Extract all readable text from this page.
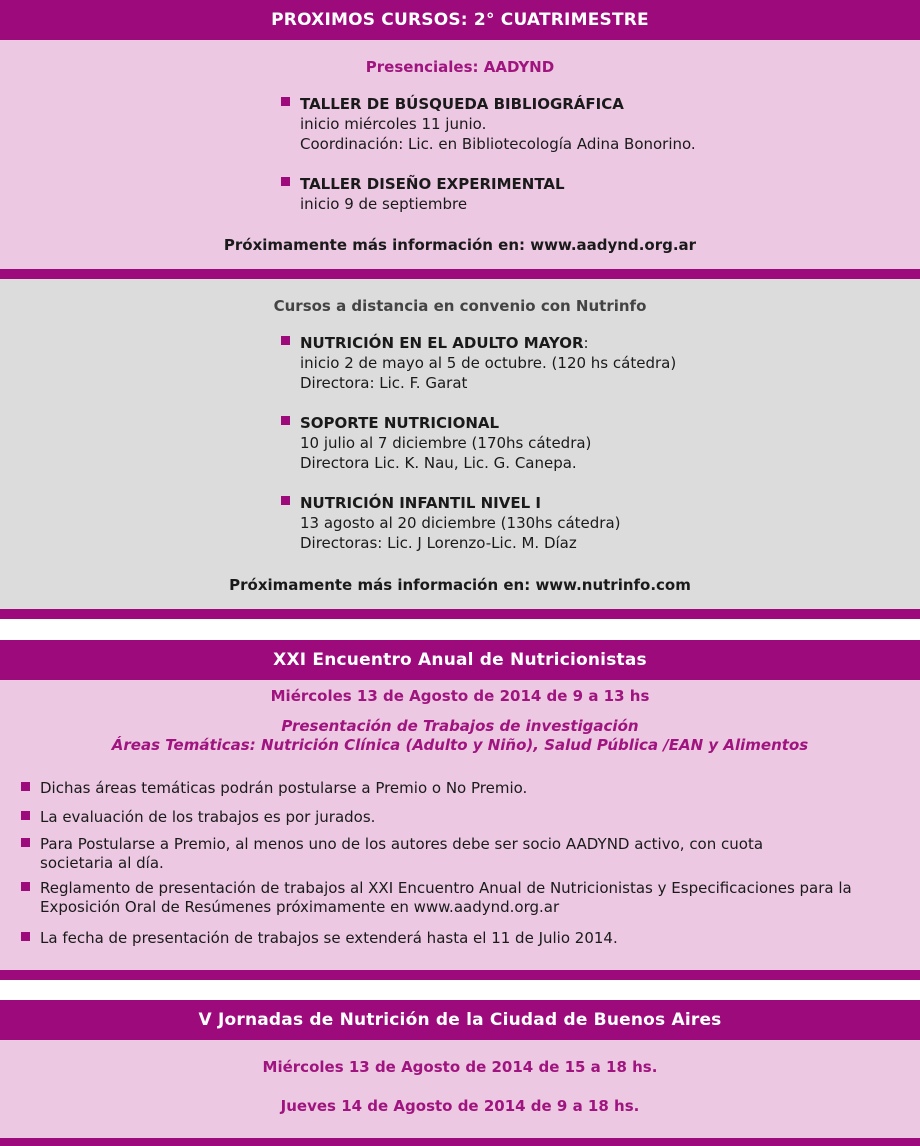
PROXIMOS CURSOS: 2° CUATRIMESTRE
Presenciales: AADYND
TALLER DE BÚSQUEDA BIBLIOGRÁFICA
inicio miércoles 11 junio.
Coordinación: Lic. en Bibliotecología Adina Bonorino.
TALLER DISEÑO EXPERIMENTAL
inicio 9 de septiembre
Próximamente más información en: www.aadynd.org.ar
Cursos a distancia en convenio con Nutrinfo
NUTRICIÓN EN EL ADULTO MAYOR:
inicio 2 de mayo al 5 de octubre. (120 hs cátedra)
Directora: Lic. F. Garat
SOPORTE NUTRICIONAL
10 julio al 7 diciembre (170hs cátedra)
Directora Lic. K. Nau, Lic. G. Canepa.
NUTRICIÓN INFANTIL NIVEL I
13 agosto al 20 diciembre (130hs cátedra)
Directoras: Lic. J Lorenzo-Lic. M. Díaz
Próximamente más información en: www.nutrinfo.com
XXI Encuentro Anual de Nutricionistas
Miércoles 13 de Agosto de 2014 de 9 a 13 hs
Presentación de Trabajos de investigación
Áreas Temáticas: Nutrición Clínica (Adulto y Niño), Salud Pública /EAN y Alimentos
Dichas áreas temáticas podrán postularse a Premio o No Premio.
La evaluación de los trabajos es por jurados.
Para Postularse a Premio, al menos uno de los autores debe ser socio AADYND activo, con cuota societaria al día.
Reglamento de presentación de trabajos al XXI Encuentro Anual de Nutricionistas y Especificaciones para la Exposición Oral de Resúmenes próximamente en www.aadynd.org.ar
La fecha de presentación de trabajos se extenderá hasta el 11 de Julio 2014.
V Jornadas de Nutrición de la Ciudad de Buenos Aires
Miércoles 13 de Agosto de 2014 de 15 a 18 hs.
Jueves 14 de Agosto de 2014 de 9 a 18 hs.
